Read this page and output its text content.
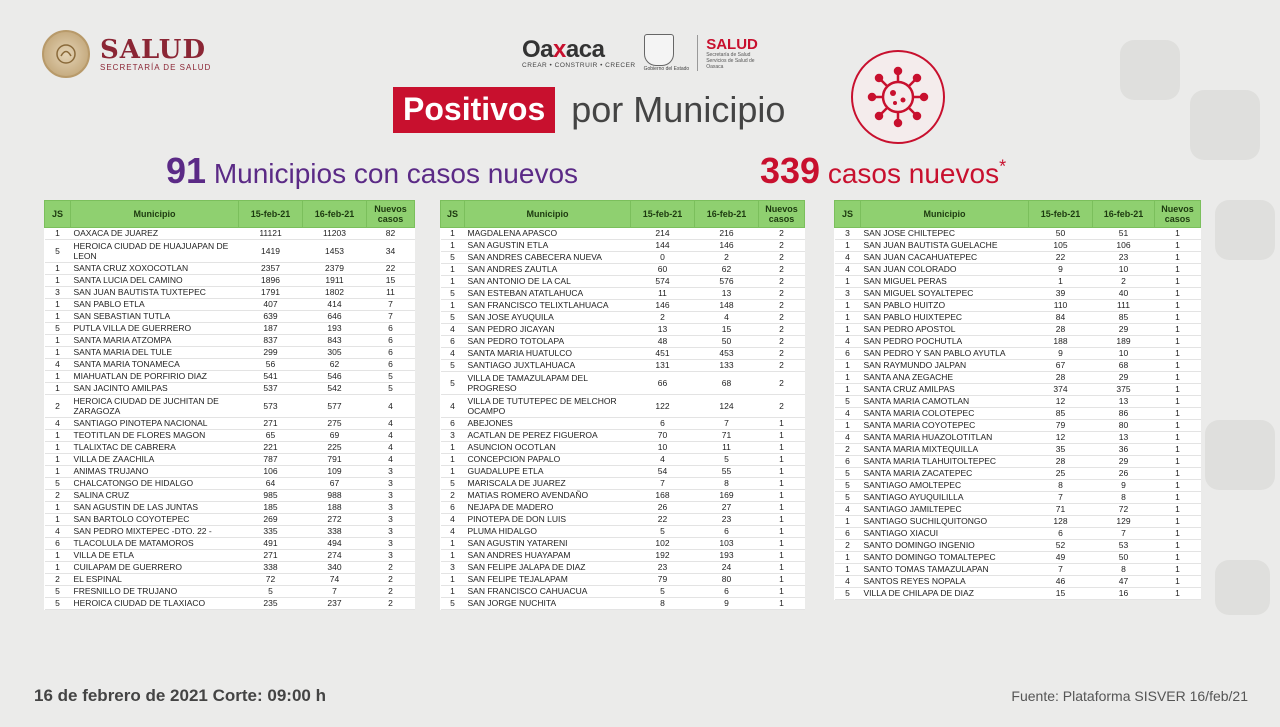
SALUD
SECRETARÍA DE SALUD
Oaxaca
CREAR • CONSTRUIR • CRECER
Gobierno del Estado
SALUD
Secretaría de Salud Servicios de Salud de Oaxaca
Positivos por Municipio
91 Municipios con casos nuevos	339 casos nuevos*
JS	Municipio	15-feb-21	16-feb-21	Nuevos casos
1	OAXACA DE JUAREZ	11121	11203	82
5	HEROICA CIUDAD DE HUAJUAPAN DE LEON	1419	1453	34
1	SANTA CRUZ XOXOCOTLAN	2357	2379	22
1	SANTA LUCIA DEL CAMINO	1896	1911	15
3	SAN JUAN BAUTISTA TUXTEPEC	1791	1802	11
1	SAN PABLO ETLA	407	414	7
1	SAN SEBASTIAN TUTLA	639	646	7
5	PUTLA VILLA DE GUERRERO	187	193	6
1	SANTA MARIA ATZOMPA	837	843	6
1	SANTA MARIA DEL TULE	299	305	6
4	SANTA MARIA TONAMECA	56	62	6
1	MIAHUATLAN DE PORFIRIO DIAZ	541	546	5
1	SAN JACINTO AMILPAS	537	542	5
2	HEROICA CIUDAD DE JUCHITAN DE ZARAGOZA	573	577	4
4	SANTIAGO PINOTEPA NACIONAL	271	275	4
1	TEOTITLAN DE FLORES MAGON	65	69	4
1	TLALIXTAC DE CABRERA	221	225	4
1	VILLA DE ZAACHILA	787	791	4
1	ANIMAS TRUJANO	106	109	3
5	CHALCATONGO DE HIDALGO	64	67	3
2	SALINA CRUZ	985	988	3
1	SAN AGUSTIN DE LAS JUNTAS	185	188	3
1	SAN BARTOLO COYOTEPEC	269	272	3
4	SAN PEDRO MIXTEPEC -DTO. 22 -	335	338	3
6	TLACOLULA DE MATAMOROS	491	494	3
1	VILLA DE ETLA	271	274	3
1	CUILAPAM DE GUERRERO	338	340	2
2	EL ESPINAL	72	74	2
5	FRESNILLO DE TRUJANO	5	7	2
5	HEROICA CIUDAD DE TLAXIACO	235	237	2
JS	Municipio	15-feb-21	16-feb-21	Nuevos casos
1	MAGDALENA APASCO	214	216	2
1	SAN AGUSTIN ETLA	144	146	2
5	SAN ANDRES CABECERA NUEVA	0	2	2
1	SAN ANDRES ZAUTLA	60	62	2
1	SAN ANTONIO DE LA CAL	574	576	2
5	SAN ESTEBAN ATATLAHUCA	11	13	2
1	SAN FRANCISCO TELIXTLAHUACA	146	148	2
5	SAN JOSE AYUQUILA	2	4	2
4	SAN PEDRO JICAYAN	13	15	2
6	SAN PEDRO TOTOLAPA	48	50	2
4	SANTA MARIA HUATULCO	451	453	2
5	SANTIAGO JUXTLAHUACA	131	133	2
5	VILLA DE TAMAZULAPAM DEL PROGRESO	66	68	2
4	VILLA DE TUTUTEPEC DE MELCHOR OCAMPO	122	124	2
6	ABEJONES	6	7	1
3	ACATLAN DE PEREZ FIGUEROA	70	71	1
1	ASUNCION OCOTLAN	10	11	1
1	CONCEPCION PAPALO	4	5	1
1	GUADALUPE ETLA	54	55	1
5	MARISCALA DE JUAREZ	7	8	1
2	MATIAS ROMERO AVENDAÑO	168	169	1
6	NEJAPA DE MADERO	26	27	1
4	PINOTEPA DE DON LUIS	22	23	1
4	PLUMA HIDALGO	5	6	1
1	SAN AGUSTIN YATARENI	102	103	1
1	SAN ANDRES HUAYAPAM	192	193	1
3	SAN FELIPE JALAPA DE DIAZ	23	24	1
1	SAN FELIPE TEJALAPAM	79	80	1
1	SAN FRANCISCO CAHUACUA	5	6	1
5	SAN JORGE NUCHITA	8	9	1
JS	Municipio	15-feb-21	16-feb-21	Nuevos casos
3	SAN JOSE CHILTEPEC	50	51	1
1	SAN JUAN BAUTISTA GUELACHE	105	106	1
4	SAN JUAN CACAHUATEPEC	22	23	1
4	SAN JUAN COLORADO	9	10	1
1	SAN MIGUEL PERAS	1	2	1
3	SAN MIGUEL SOYALTEPEC	39	40	1
1	SAN PABLO HUITZO	110	111	1
1	SAN PABLO HUIXTEPEC	84	85	1
1	SAN PEDRO APOSTOL	28	29	1
4	SAN PEDRO POCHUTLA	188	189	1
6	SAN PEDRO Y SAN PABLO AYUTLA	9	10	1
1	SAN RAYMUNDO JALPAN	67	68	1
1	SANTA ANA ZEGACHE	28	29	1
1	SANTA CRUZ AMILPAS	374	375	1
5	SANTA MARIA CAMOTLAN	12	13	1
4	SANTA MARIA COLOTEPEC	85	86	1
1	SANTA MARIA COYOTEPEC	79	80	1
4	SANTA MARIA HUAZOLOTITLAN	12	13	1
2	SANTA MARIA MIXTEQUILLA	35	36	1
6	SANTA MARIA TLAHUITOLTEPEC	28	29	1
5	SANTA MARIA ZACATEPEC	25	26	1
5	SANTIAGO AMOLTEPEC	8	9	1
5	SANTIAGO AYUQUILILLA	7	8	1
4	SANTIAGO JAMILTEPEC	71	72	1
1	SANTIAGO SUCHILQUITONGO	128	129	1
6	SANTIAGO XIACUI	6	7	1
2	SANTO DOMINGO INGENIO	52	53	1
1	SANTO DOMINGO TOMALTEPEC	49	50	1
1	SANTO TOMAS TAMAZULAPAN	7	8	1
4	SANTOS REYES NOPALA	46	47	1
5	VILLA DE CHILAPA DE DIAZ	15	16	1
16 de febrero de 2021 Corte: 09:00 h	Fuente: Plataforma SISVER 16/feb/21
